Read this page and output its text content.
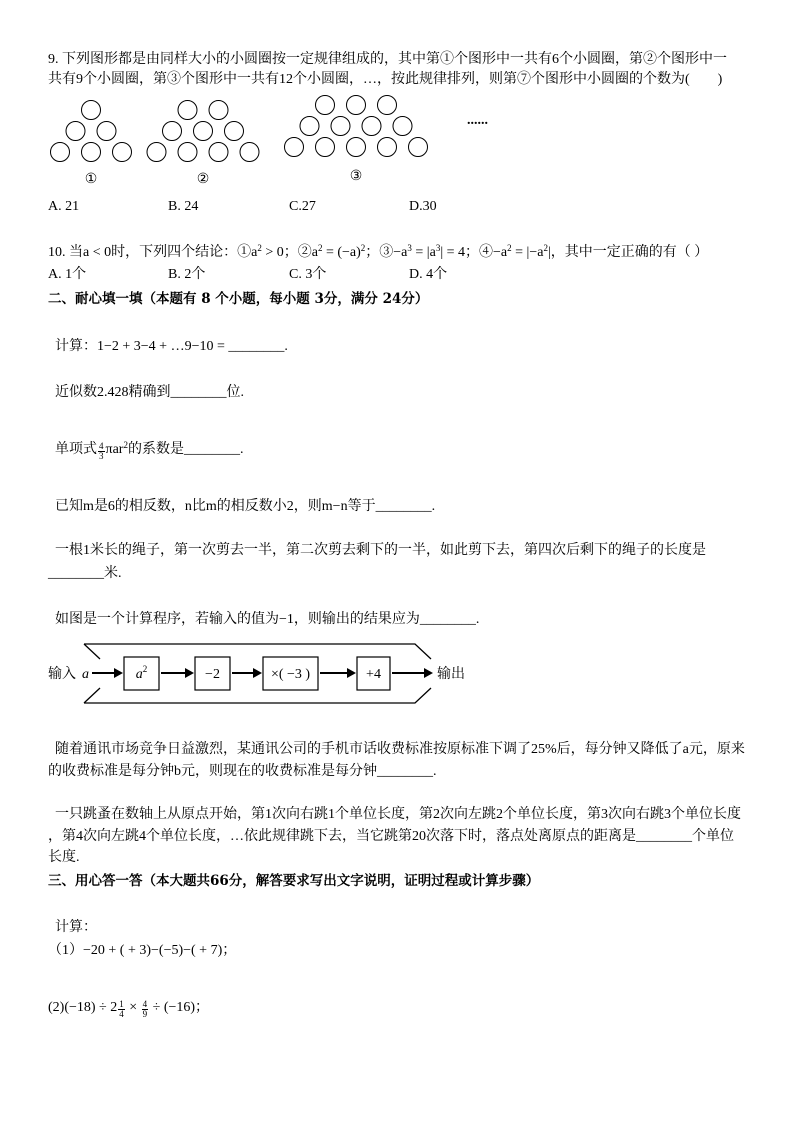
9. 下列图形都是由同样大小的小圆圈按一定规律组成的，其中第①个图形中一共有6个小圆圈，第②个图形中一
共有9个小圆圈，第③个图形中一共有12个小圆圈，…，按此规律排列，则第⑦个图形中小圆圈的个数为(　　)
①	②	③
......
A. 21	B. 24	C.27	D.30
10. 当a < 0时，下列四个结论：$①a^2 > 0$；$②a^2 = (-a)^2$；$③-a^3 = |a^3| = 4$；$④-a^2 = |-a^2|$，其中一定正确的有（ ）
A. 1个	B. 2个	C. 3个	D. 4个
二、耐心填一填（本题有 8 个小题，每小题 3分，满分 24分）
计算：1−2 + 3−4 + …9−10 = ________.
近似数2.428精确到________位.
单项式 $\frac{4}{3} \pi ar^2$的系数是________.
已知m是6的相反数，n比m的相反数小2，则m−n等于________.
一根1米长的绳子，第一次剪去一半，第二次剪去剩下的一半，如此剪下去，第四次后剩下的绳子的长度是
________米.
如图是一个计算程序，若输入的值为−1，则输出的结果应为________.
输入 a	$a^2$	−2	×( −3 )	+4	输出
随着通讯市场竞争日益激烈，某通讯公司的手机市话收费标准按原标准下调了25%后，每分钟又降低了a元，原来
的收费标准是每分钟b元，则现在的收费标准是每分钟________.
一只跳蚤在数轴上从原点开始，第1次向右跳1个单位长度，第2次向左跳2个单位长度，第3次向右跳3个单位长度
，第4次向左跳4个单位长度，…依此规律跳下去，当它跳第20次落下时，落点处离原点的距离是________个单位
长度.
三、用心答一答（本大题共66分，解答要求写出文字说明，证明过程或计算步骤）
计算：
（1）−20 + ( + 3)−(−5)−( + 7)；
$(2)(-18) \div 2 \frac{1}{4} \times \frac{4}{9} \div (-16)$；
